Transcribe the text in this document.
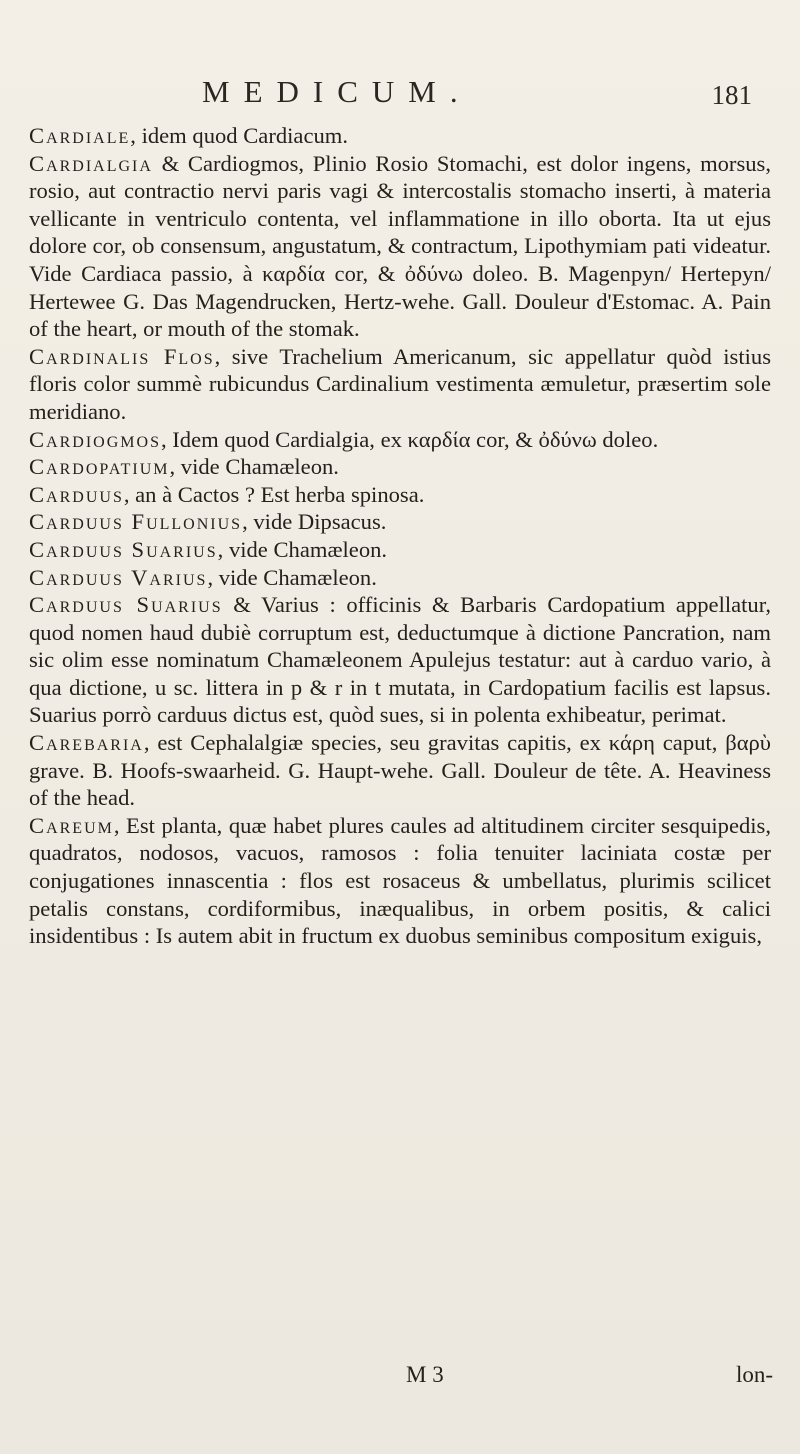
MEDICUM.	181

Cardiale, idem quod Cardiacum.

Cardialgia & Cardiogmos, Plinio Rosio Stomachi, est dolor ingens, morsus, rosio, aut contractio nervi paris vagi & intercostalis stomacho inserti, à materia vellicante in ventriculo contenta, vel inflammatione in illo oborta. Ita ut ejus dolore cor, ob consensum, angustatum, & contractum, Lipothymiam pati videatur. Vide Cardiaca passio, à καρδία cor, & ὀδύνω doleo. B. Magenpyn/ Hertepyn/ Hertewee G. Das Magendrucken, Hertz-wehe. Gall. Douleur d'Estomac. A. Pain of the heart, or mouth of the stomak.

Cardinalis Flos, sive Trachelium Americanum, sic appellatur quòd istius floris color summè rubicundus Cardinalium vestimenta æmuletur, præsertim sole meridiano.

Cardiogmos, Idem quod Cardialgia, ex καρδία cor, & ὀδύνω doleo.

Cardopatium, vide Chamæleon.

Carduus, an à Cactos ? Est herba spinosa.

Carduus Fullonius, vide Dipsacus.

Carduus Suarius, vide Chamæleon.

Carduus Varius, vide Chamæleon.

Carduus Suarius & Varius : officinis & Barbaris Cardopatium appellatur, quod nomen haud dubiè corruptum est, deductumque à dictione Pancration, nam sic olim esse nominatum Chamæleonem Apulejus testatur: aut à carduo vario, à qua dictione, u sc. littera in p & r in t mutata, in Cardopatium facilis est lapsus. Suarius porrò carduus dictus est, quòd sues, si in polenta exhibeatur, perimat.

Carebaria, est Cephalalgiæ species, seu gravitas capitis, ex κάρη caput, βαρὺ grave. B. Hoofs-swaarheid. G. Haupt-wehe. Gall. Douleur de tête. A. Heaviness of the head.

Careum, Est planta, quæ habet plures caules ad altitudinem circiter sesquipedis, quadratos, nodosos, vacuos, ramosos : folia tenuiter laciniata costæ per conjugationes innascentia : flos est rosaceus & umbellatus, plurimis scilicet petalis constans, cordiformibus, inæqualibus, in orbem positis, & calici insidentibus : Is autem abit in fructum ex duobus seminibus compositum exiguis,

M 3	lon-
